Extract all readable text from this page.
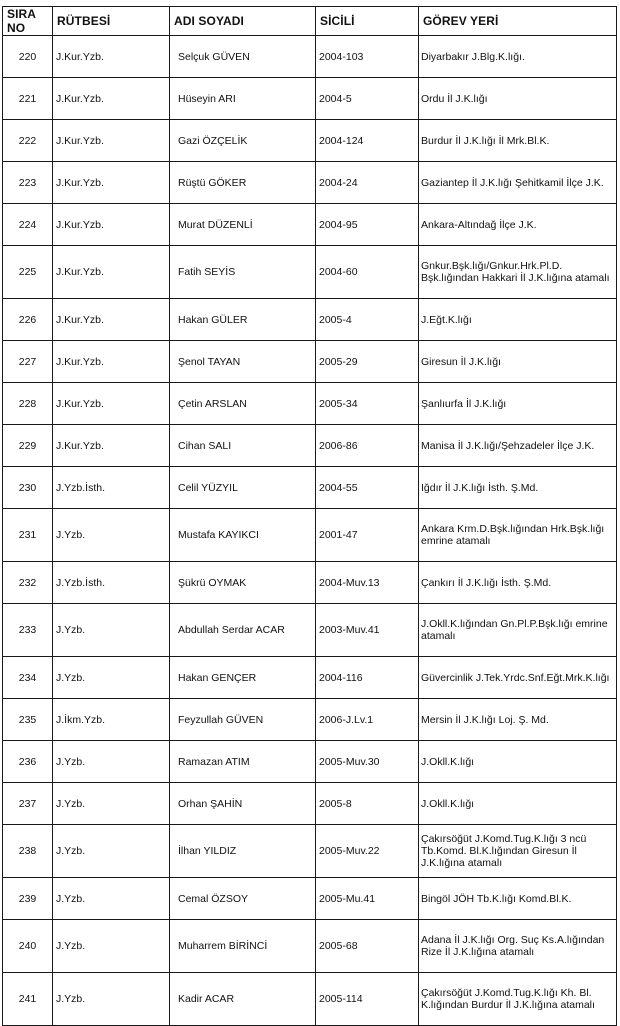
SIRA NO	RÜTBESİ	ADI SOYADI	SİCİLİ	GÖREV YERİ
220	J.Kur.Yzb.	Selçuk GÜVEN	2004-103	Diyarbakır J.Blg.K.lığı.
221	J.Kur.Yzb.	Hüseyin ARI	2004-5	Ordu İl J.K.lığı
222	J.Kur.Yzb.	Gazi ÖZÇELİK	2004-124	Burdur İl J.K.lığı İl Mrk.Bl.K.
223	J.Kur.Yzb.	Rüştü GÖKER	2004-24	Gaziantep İl J.K.lığı Şehitkamil İlçe J.K.
224	J.Kur.Yzb.	Murat DÜZENLİ	2004-95	Ankara-Altındağ İlçe J.K.
225	J.Kur.Yzb.	Fatih SEYİS	2004-60	Gnkur.Bşk.lığı/Gnkur.Hrk.Pl.D. Bşk.lığından Hakkari İl J.K.lığına atamalı
226	J.Kur.Yzb.	Hakan GÜLER	2005-4	J.Eğt.K.lığı
227	J.Kur.Yzb.	Şenol TAYAN	2005-29	Giresun İl J.K.lığı
228	J.Kur.Yzb.	Çetin ARSLAN	2005-34	Şanlıurfa İl J.K.lığı
229	J.Kur.Yzb.	Cihan SALI	2006-86	Manisa İl J.K.lığı/Şehzadeler İlçe J.K.
230	J.Yzb.İsth.	Celil YÜZYIL	2004-55	Iğdır İl J.K.lığı İsth. Ş.Md.
231	J.Yzb.	Mustafa KAYIKCI	2001-47	Ankara Krm.D.Bşk.lığından Hrk.Bşk.lığı emrine atamalı
232	J.Yzb.İsth.	Şükrü OYMAK	2004-Muv.13	Çankırı İl J.K.lığı İsth. Ş.Md.
233	J.Yzb.	Abdullah Serdar ACAR	2003-Muv.41	J.Okll.K.lığından Gn.Pl.P.Bşk.lığı emrine atamalı
234	J.Yzb.	Hakan GENÇER	2004-116	Güvercinlik J.Tek.Yrdc.Snf.Eğt.Mrk.K.lığı
235	J.İkm.Yzb.	Feyzullah GÜVEN	2006-J.Lv.1	Mersin İl J.K.lığı Loj. Ş. Md.
236	J.Yzb.	Ramazan ATIM	2005-Muv.30	J.Okll.K.lığı
237	J.Yzb.	Orhan ŞAHİN	2005-8	J.Okll.K.lığı
238	J.Yzb.	İlhan YILDIZ	2005-Muv.22	Çakırsöğüt J.Komd.Tug.K.lığı 3 ncü Tb.Komd. Bl.K.lığından Giresun İl J.K.lığına atamalı
239	J.Yzb.	Cemal ÖZSOY	2005-Mu.41	Bingöl JÖH Tb.K.lığı Komd.Bl.K.
240	J.Yzb.	Muharrem BİRİNCİ	2005-68	Adana İl J.K.lığı Org. Suç Ks.A.lığından Rize İl J.K.lığına atamalı
241	J.Yzb.	Kadir ACAR	2005-114	Çakırsöğüt J.Komd.Tug.K.lığı Kh. Bl. K.lığından Burdur İl J.K.lığına atamalı
